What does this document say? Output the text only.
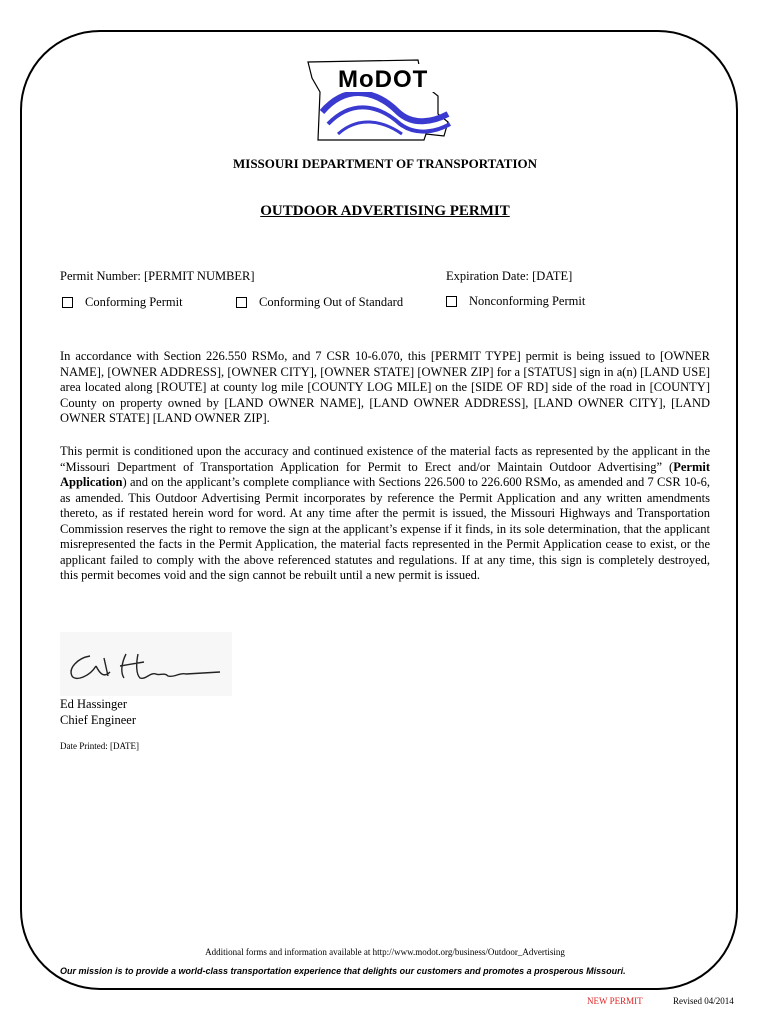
MoDOT
MISSOURI DEPARTMENT OF TRANSPORTATION
OUTDOOR ADVERTISING PERMIT
Permit Number: [PERMIT NUMBER]	Expiration Date: [DATE]
Conforming Permit	Conforming Out of Standard	Nonconforming Permit
In accordance with Section 226.550 RSMo, and 7 CSR 10-6.070, this [PERMIT TYPE] permit is being issued to [OWNER NAME], [OWNER ADDRESS], [OWNER CITY], [OWNER STATE] [OWNER ZIP] for a [STATUS] sign in a(n) [LAND USE] area located along [ROUTE] at county log mile [COUNTY LOG MILE] on the [SIDE OF RD] side of the road in [COUNTY] County on property owned by [LAND OWNER NAME], [LAND OWNER ADDRESS], [LAND OWNER CITY], [LAND OWNER STATE] [LAND OWNER ZIP].
This permit is conditioned upon the accuracy and continued existence of the material facts as represented by the applicant in the “Missouri Department of Transportation Application for Permit to Erect and/or Maintain Outdoor Advertising” (Permit Application) and on the applicant’s complete compliance with Sections 226.500 to 226.600 RSMo, as amended and 7 CSR 10-6, as amended. This Outdoor Advertising Permit incorporates by reference the Permit Application and any written amendments thereto, as if restated herein word for word. At any time after the permit is issued, the Missouri Highways and Transportation Commission reserves the right to remove the sign at the applicant’s expense if it finds, in its sole determination, that the applicant misrepresented the facts in the Permit Application, the material facts represented in the Permit Application cease to exist, or the applicant failed to comply with the above referenced statutes and regulations. If at any time, this sign is completely destroyed, this permit becomes void and the sign cannot be rebuilt until a new permit is issued.
Ed Hassinger
Chief Engineer
Date Printed: [DATE]
Additional forms and information available at http://www.modot.org/business/Outdoor_Advertising
Our mission is to provide a world-class transportation experience that delights our customers and promotes a prosperous Missouri.
NEW PERMIT	Revised 04/2014
